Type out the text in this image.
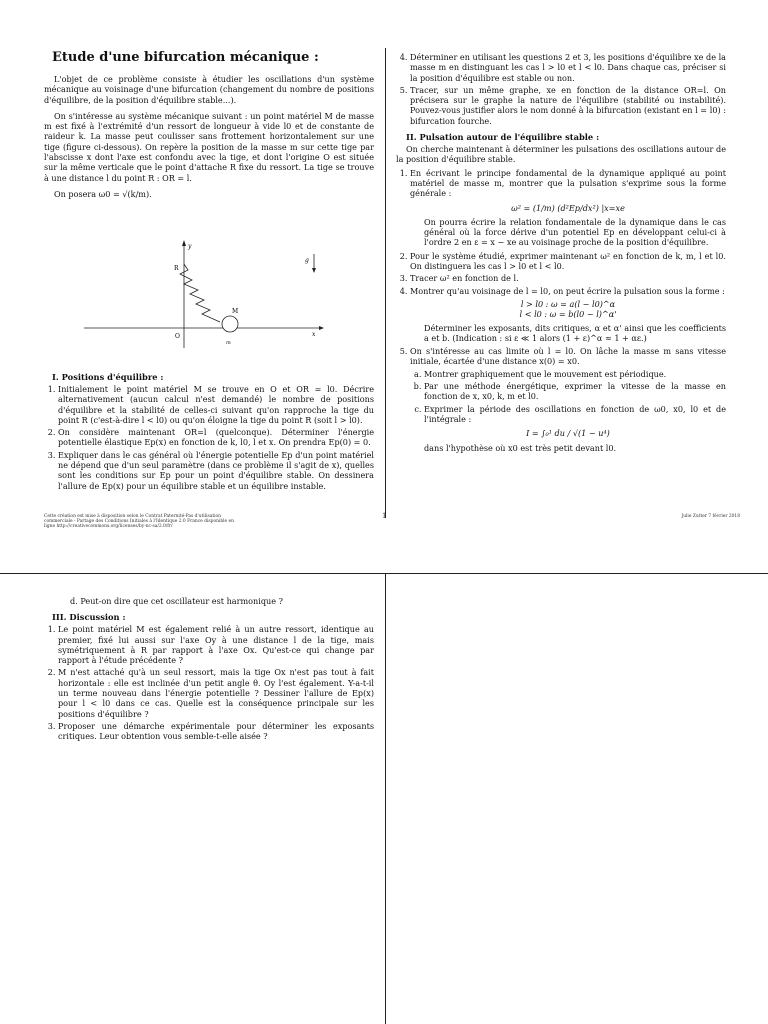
Etude d'une bifurcation mécanique :

L'objet de ce problème consiste à étudier les oscillations d'un système mécanique au voisinage d'une bifurcation (changement du nombre de positions d'équilibre, de la position d'équilibre stable...).

On s'intéresse au système mécanique suivant : un point matériel M de masse m est fixé à l'extrémité d'un ressort de longueur à vide l0 et de constante de raideur k. La masse peut coulisser sans frottement horizontalement sur une tige (figure ci-dessous). On repère la position de la masse m sur cette tige par l'abscisse x dont l'axe est confondu avec la tige, et dont l'origine O est située sur la même verticale que le point d'attache R fixe du ressort. La tige se trouve à une distance l du point R : OR = l.

On posera ω0 = √(k/m).

y
R
M
O
m
x
g
I. Positions d'équilibre :
1. Initialement le point matériel M se trouve en O et OR = l0. Décrire alternativement (aucun calcul n'est demandé) le nombre de positions d'équilibre et la stabilité de celles-ci suivant qu'on rapproche la tige du point R (c'est-à-dire l < l0) ou qu'on éloigne la tige du point R (soit l > l0).
2. On considère maintenant OR=l (quelconque). Déterminer l'énergie potentielle élastique Ep(x) en fonction de k, l0, l et x. On prendra Ep(0) = 0.
3. Expliquer dans le cas général où l'énergie potentielle Ep d'un point matériel ne dépend que d'un seul paramètre (dans ce problème il s'agit de x), quelles sont les conditions sur Ep pour un point d'équilibre stable. On dessinera l'allure de Ep(x) pour un équilibre stable et un équilibre instable.
4. Déterminer en utilisant les questions 2 et 3, les positions d'équilibre xe de la masse m en distinguant les cas l > l0 et l < l0. Dans chaque cas, préciser si la position d'équilibre est stable ou non.
5. Tracer, sur un même graphe, xe en fonction de la distance OR=l. On précisera sur le graphe la nature de l'équilibre (stabilité ou instabilité). Pouvez-vous justifier alors le nom donné à la bifurcation (existant en l = l0) : bifurcation fourche.
II. Pulsation autour de l'équilibre stable :

On cherche maintenant à déterminer les pulsations des oscillations autour de la position d'équilibre stable.

1. En écrivant le principe fondamental de la dynamique appliqué au point matériel de masse m, montrer que la pulsation s'exprime sous la forme générale :
ω² = (1/m) (d²Ep/dx²) |x=xe
On pourra écrire la relation fondamentale de la dynamique dans le cas général où la force dérive d'un potentiel Ep en développant celui-ci à l'ordre 2 en ε = x − xe au voisinage proche de la position d'équilibre.
2. Pour le système étudié, exprimer maintenant ω² en fonction de k, m, l et l0. On distinguera les cas l > l0 et l < l0.
3. Tracer ω² en fonction de l.
4. Montrer qu'au voisinage de l = l0, on peut écrire la pulsation sous la forme :
l > l0 : ω = a(l − l0)^α
l < l0 : ω = b(l0 − l)^α'
Déterminer les exposants, dits critiques, α et α' ainsi que les coefficients a et b. (Indication : si ε ≪ 1 alors (1 + ε)^α ≈ 1 + αε.)
5. On s'intéresse au cas limite où l = l0. On lâche la masse m sans vitesse initiale, écartée d'une distance x(0) = x0.
a. Montrer graphiquement que le mouvement est périodique.
b. Par une méthode énergétique, exprimer la vitesse de la masse en fonction de x, x0, k, m et l0.
c. Exprimer la période des oscillations en fonction de ω0, x0, l0 et de l'intégrale :
I = ∫₀¹ du / √(1 − u⁴)
dans l'hypothèse où x0 est très petit devant l0.
Cette création est mise à disposition selon le Contrat Paternité-Pas d'utilisation commerciale - Partage des Conditions Initiales à l'Identique 2.0 France disponible en ligne http://creativecommons.org/licenses/by-nc-sa/2.0/fr/
1	Julie Zutter 7 février 2018
d. Peut-on dire que cet oscillateur est harmonique ?
III. Discussion :
1. Le point matériel M est également relié à un autre ressort, identique au premier, fixé lui aussi sur l'axe Oy à une distance l de la tige, mais symétriquement à R par rapport à l'axe Ox. Qu'est-ce qui change par rapport à l'étude précédente ?
2. M n'est attaché qu'à un seul ressort, mais la tige Ox n'est pas tout à fait horizontale : elle est inclinée d'un petit angle θ. Oy l'est également. Y-a-t-il un terme nouveau dans l'énergie potentielle ? Dessiner l'allure de Ep(x) pour l < l0 dans ce cas. Quelle est la conséquence principale sur les positions d'équilibre ?
3. Proposer une démarche expérimentale pour déterminer les exposants critiques. Leur obtention vous semble-t-elle aisée ?
